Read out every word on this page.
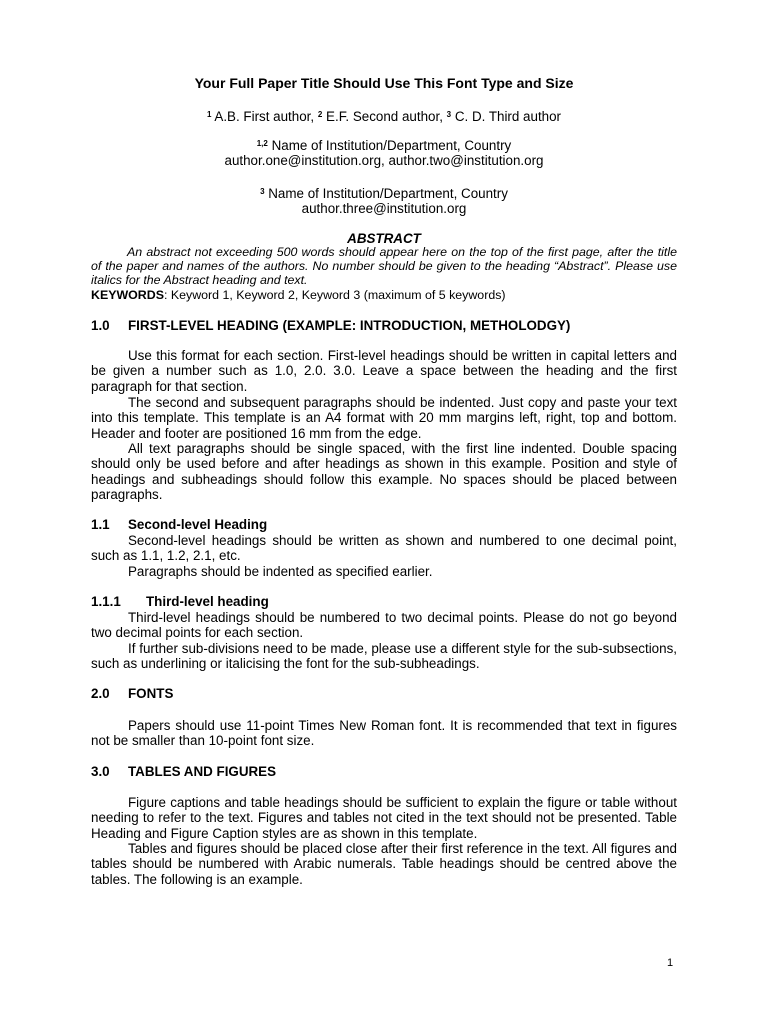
Your Full Paper Title Should Use This Font Type and Size
$^1$ A.B. First author, $^2$ E.F. Second author, $^3$ C. D. Third author
$^{1,2}$ Name of Institution/Department, Country
author.one@institution.org, author.two@institution.org
$^3$ Name of Institution/Department, Country
author.three@institution.org
ABSTRACT
An abstract not exceeding 500 words should appear here on the top of the first page, after the title of the paper and names of the authors. No number should be given to the heading “Abstract”. Please use italics for the Abstract heading and text.
KEYWORDS: Keyword 1, Keyword 2, Keyword 3 (maximum of 5 keywords)
1.0 FIRST-LEVEL HEADING (EXAMPLE: INTRODUCTION, METHOLODGY)
Use this format for each section. First-level headings should be written in capital letters and be given a number such as 1.0, 2.0. 3.0. Leave a space between the heading and the first paragraph for that section.
The second and subsequent paragraphs should be indented. Just copy and paste your text into this template. This template is an A4 format with 20 mm margins left, right, top and bottom. Header and footer are positioned 16 mm from the edge.
All text paragraphs should be single spaced, with the first line indented. Double spacing should only be used before and after headings as shown in this example. Position and style of headings and subheadings should follow this example. No spaces should be placed between paragraphs.
1.1 Second-level Heading
Second-level headings should be written as shown and numbered to one decimal point, such as 1.1, 1.2, 2.1, etc.
Paragraphs should be indented as specified earlier.
1.1.1 Third-level heading
Third-level headings should be numbered to two decimal points. Please do not go beyond two decimal points for each section.
If further sub-divisions need to be made, please use a different style for the sub-subsections, such as underlining or italicising the font for the sub-subheadings.
2.0 FONTS
Papers should use 11-point Times New Roman font. It is recommended that text in figures not be smaller than 10-point font size.
3.0 TABLES AND FIGURES
Figure captions and table headings should be sufficient to explain the figure or table without needing to refer to the text. Figures and tables not cited in the text should not be presented. Table Heading and Figure Caption styles are as shown in this template.
Tables and figures should be placed close after their first reference in the text. All figures and tables should be numbered with Arabic numerals. Table headings should be centred above the tables. The following is an example.
1
